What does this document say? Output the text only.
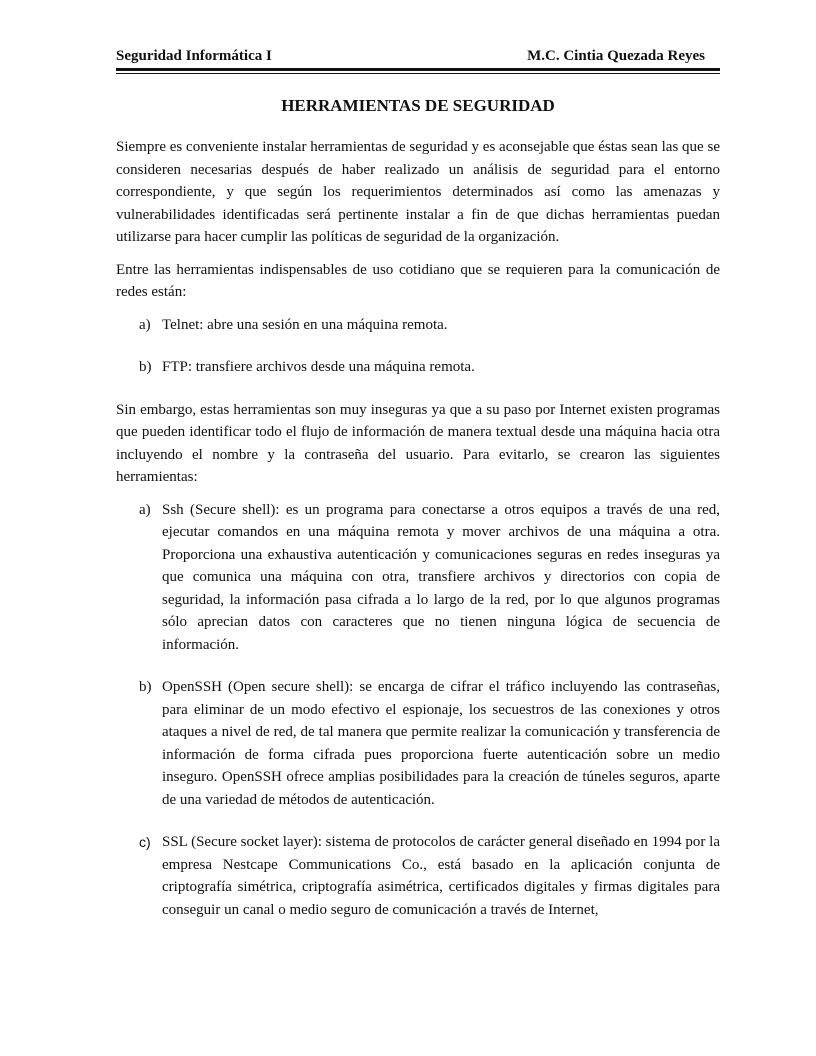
Seguridad Informática I	M.C. Cintia Quezada Reyes
HERRAMIENTAS DE SEGURIDAD

Siempre es conveniente instalar herramientas de seguridad y es aconsejable que éstas sean las que se consideren necesarias después de haber realizado un análisis de seguridad para el entorno correspondiente, y que según los requerimientos determinados así como las amenazas y vulnerabilidades identificadas será pertinente instalar a fin de que dichas herramientas puedan utilizarse para hacer cumplir las políticas de seguridad de la organización.

Entre las herramientas indispensables de uso cotidiano que se requieren para la comunicación de redes están:

a) Telnet: abre una sesión en una máquina remota.
b) FTP: transfiere archivos desde una máquina remota.

Sin embargo, estas herramientas son muy inseguras ya que a su paso por Internet existen programas que pueden identificar todo el flujo de información de manera textual desde una máquina hacia otra incluyendo el nombre y la contraseña del usuario. Para evitarlo, se crearon las siguientes herramientas:

a) Ssh (Secure shell): es un programa para conectarse a otros equipos a través de una red, ejecutar comandos en una máquina remota y mover archivos de una máquina a otra. Proporciona una exhaustiva autenticación y comunicaciones seguras en redes inseguras ya que comunica una máquina con otra, transfiere archivos y directorios con copia de seguridad, la información pasa cifrada a lo largo de la red, por lo que algunos programas sólo aprecian datos con caracteres que no tienen ninguna lógica de secuencia de información.
b) OpenSSH (Open secure shell): se encarga de cifrar el tráfico incluyendo las contraseñas, para eliminar de un modo efectivo el espionaje, los secuestros de las conexiones y otros ataques a nivel de red, de tal manera que permite realizar la comunicación y transferencia de información de forma cifrada pues proporciona fuerte autenticación sobre un medio inseguro. OpenSSH ofrece amplias posibilidades para la creación de túneles seguros, aparte de una variedad de métodos de autenticación.
c) SSL (Secure socket layer): sistema de protocolos de carácter general diseñado en 1994 por la empresa Nestcape Communications Co., está basado en la aplicación conjunta de criptografía simétrica, criptografía asimétrica, certificados digitales y firmas digitales para conseguir un canal o medio seguro de comunicación a través de Internet,
